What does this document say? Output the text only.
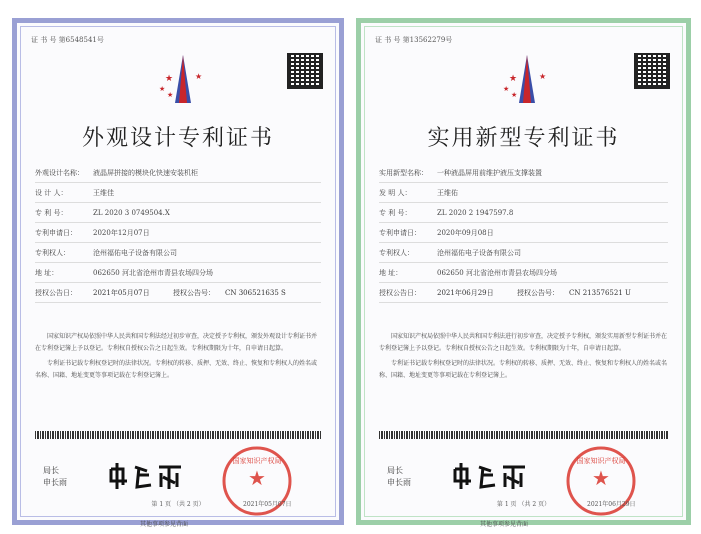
证 书 号 第6548541号
★
★
★
★
外观设计专利证书
外观设计名称：	液晶屏拼接的模块化快速安装机柜
设 计 人：	王维佳
专 利 号：	ZL 2020 3 0749504.X
专利申请日：	2020年12月07日
专利权人：	沧州福佑电子设备有限公司
地 址：	062650 河北省沧州市青县农场四分场
授权公告日：	2021年05月07日	授权公告号：	CN 306521635 S

国家知识产权局依照中华人民共和国专利法经过初步审查，决定授予专利权，颁发外观设计专利证书并在专利登记簿上予以登记。专利权自授权公告之日起生效。专利权期限为十年，自申请日起算。

专利证书记载专利权登记时的法律状况。专利权的转移、质押、无效、终止、恢复和专利权人的姓名或名称、国籍、地址变更等事项记载在专利登记簿上。

局长
申长雨	★
国家知识产权局
2021年05月07日
第 1 页 （共 2 页）
其他事项参见背面
证 书 号 第13562279号
★
★
★
★
实用新型专利证书
实用新型名称：	一种液晶屏用前维护液压支撑装置
发 明 人：	王维佑
专 利 号：	ZL 2020 2 1947597.8
专利申请日：	2020年09月08日
专利权人：	沧州福佑电子设备有限公司
地 址：	062650 河北省沧州市青县农场四分场
授权公告日：	2021年06月29日	授权公告号：	CN 213576521 U

国家知识产权局依照中华人民共和国专利法进行初步审查，决定授予专利权，颁发实用新型专利证书并在专利登记簿上予以登记。专利权自授权公告之日起生效。专利权期限为十年，自申请日起算。

专利证书记载专利权登记时的法律状况。专利权的转移、质押、无效、终止、恢复和专利权人的姓名或名称、国籍、地址变更等事项记载在专利登记簿上。

局长
申长雨	★
国家知识产权局
2021年06月29日
第 1 页 （共 2 页）
其他事项参见背面
